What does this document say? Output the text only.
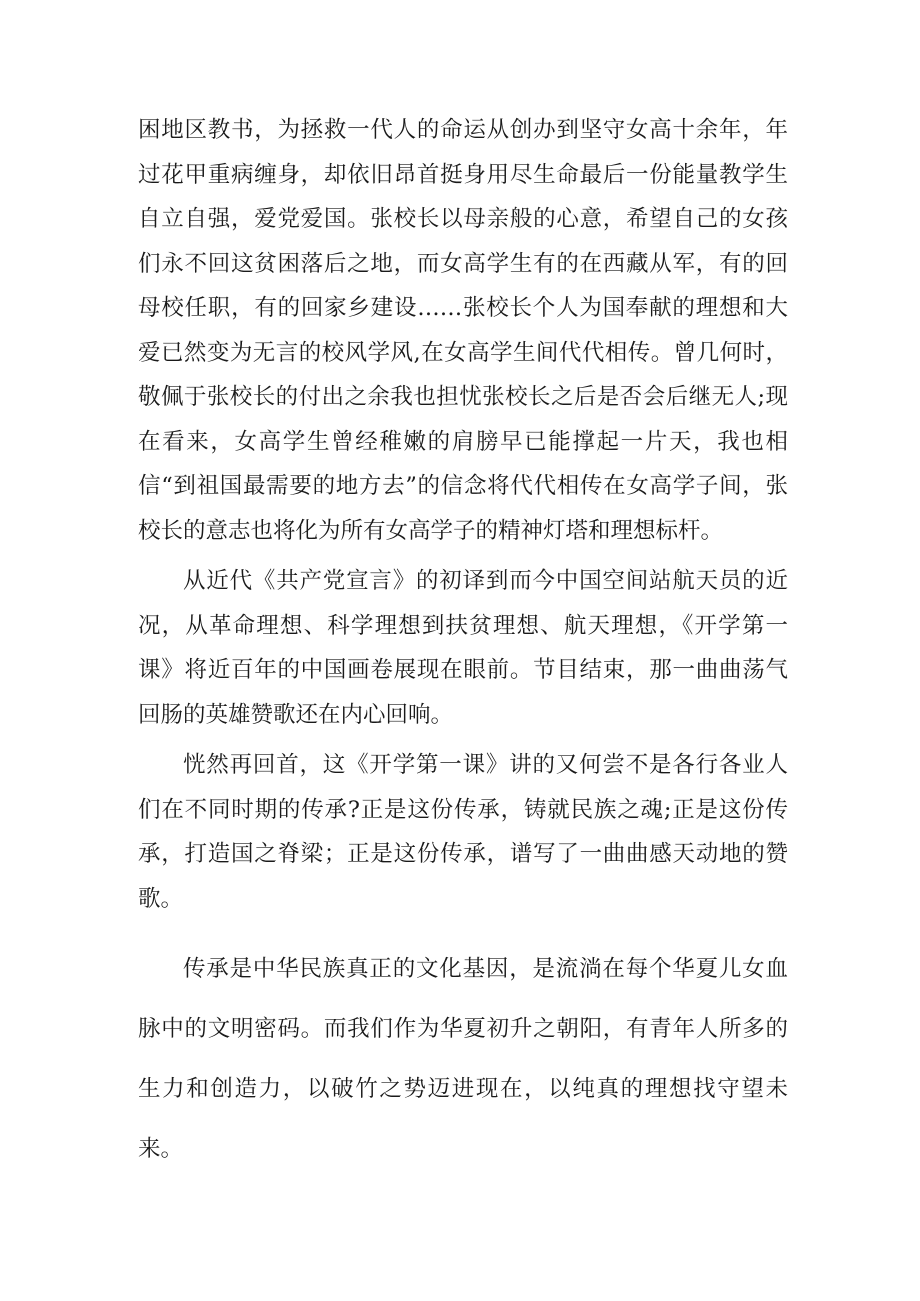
困地区教书，为拯救一代人的命运从创办到坚守女高十余年，年过花甲重病缠身，却依旧昂首挺身用尽生命最后一份能量教学生自立自强，爱党爱国。张校长以母亲般的心意，希望自己的女孩们永不回这贫困落后之地，而女高学生有的在西藏从军，有的回母校任职，有的回家乡建设……张校长个人为国奉献的理想和大爱已然变为无言的校风学风,在女高学生间代代相传。曾几何时，敬佩于张校长的付出之余我也担忧张校长之后是否会后继无人;现在看来，女高学生曾经稚嫩的肩膀早已能撑起一片天，我也相信“到祖国最需要的地方去”的信念将代代相传在女高学子间，张校长的意志也将化为所有女高学子的精神灯塔和理想标杆。

从近代《共产党宣言》的初译到而今中国空间站航天员的近况，从革命理想、科学理想到扶贫理想、航天理想，《开学第一课》将近百年的中国画卷展现在眼前。节目结束，那一曲曲荡气回肠的英雄赞歌还在内心回响。

恍然再回首，这《开学第一课》讲的又何尝不是各行各业人们在不同时期的传承?正是这份传承，铸就民族之魂;正是这份传承，打造国之脊梁；正是这份传承，谱写了一曲曲感天动地的赞歌。

传承是中华民族真正的文化基因，是流淌在每个华夏儿女血脉中的文明密码。而我们作为华夏初升之朝阳，有青年人所多的生力和创造力，以破竹之势迈进现在，以纯真的理想找守望未来。
